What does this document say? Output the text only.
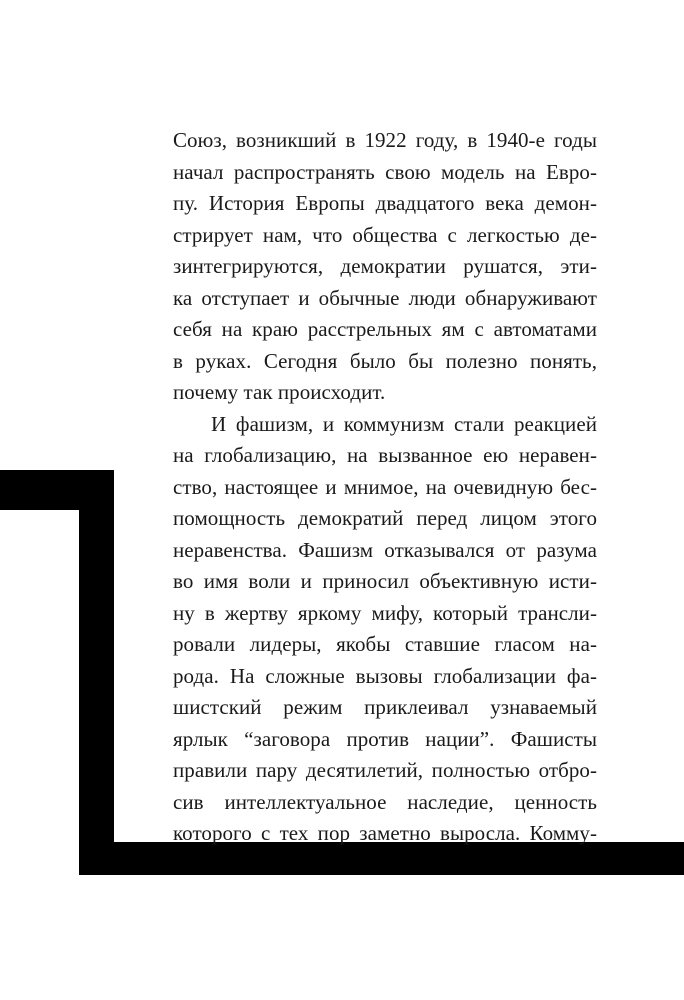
Союз, возникший в 1922 году, в 1940-е годы
начал распространять свою модель на Евро-
пу. История Европы двадцатого века демон-
стрирует нам, что общества с легкостью де-
зинтегрируются, демократии рушатся, эти-
ка отступает и обычные люди обнаруживают
себя на краю расстрельных ям с автоматами
в руках. Сегодня было бы полезно понять,
почему так происходит.
И фашизм, и коммунизм стали реакцией
на глобализацию, на вызванное ею неравен-
ство, настоящее и мнимое, на очевидную бес-
помощность демократий перед лицом этого
неравенства. Фашизм отказывался от разума
во имя воли и приносил объективную исти-
ну в жертву яркому мифу, который трансли-
ровали лидеры, якобы ставшие гласом на-
рода. На сложные вызовы глобализации фа-
шистский режим приклеивал узнаваемый
ярлык “заговора против нации”. Фашисты
правили пару десятилетий, полностью отбро-
сив интеллектуальное наследие, ценность
которого с тех пор заметно выросла. Комму-
